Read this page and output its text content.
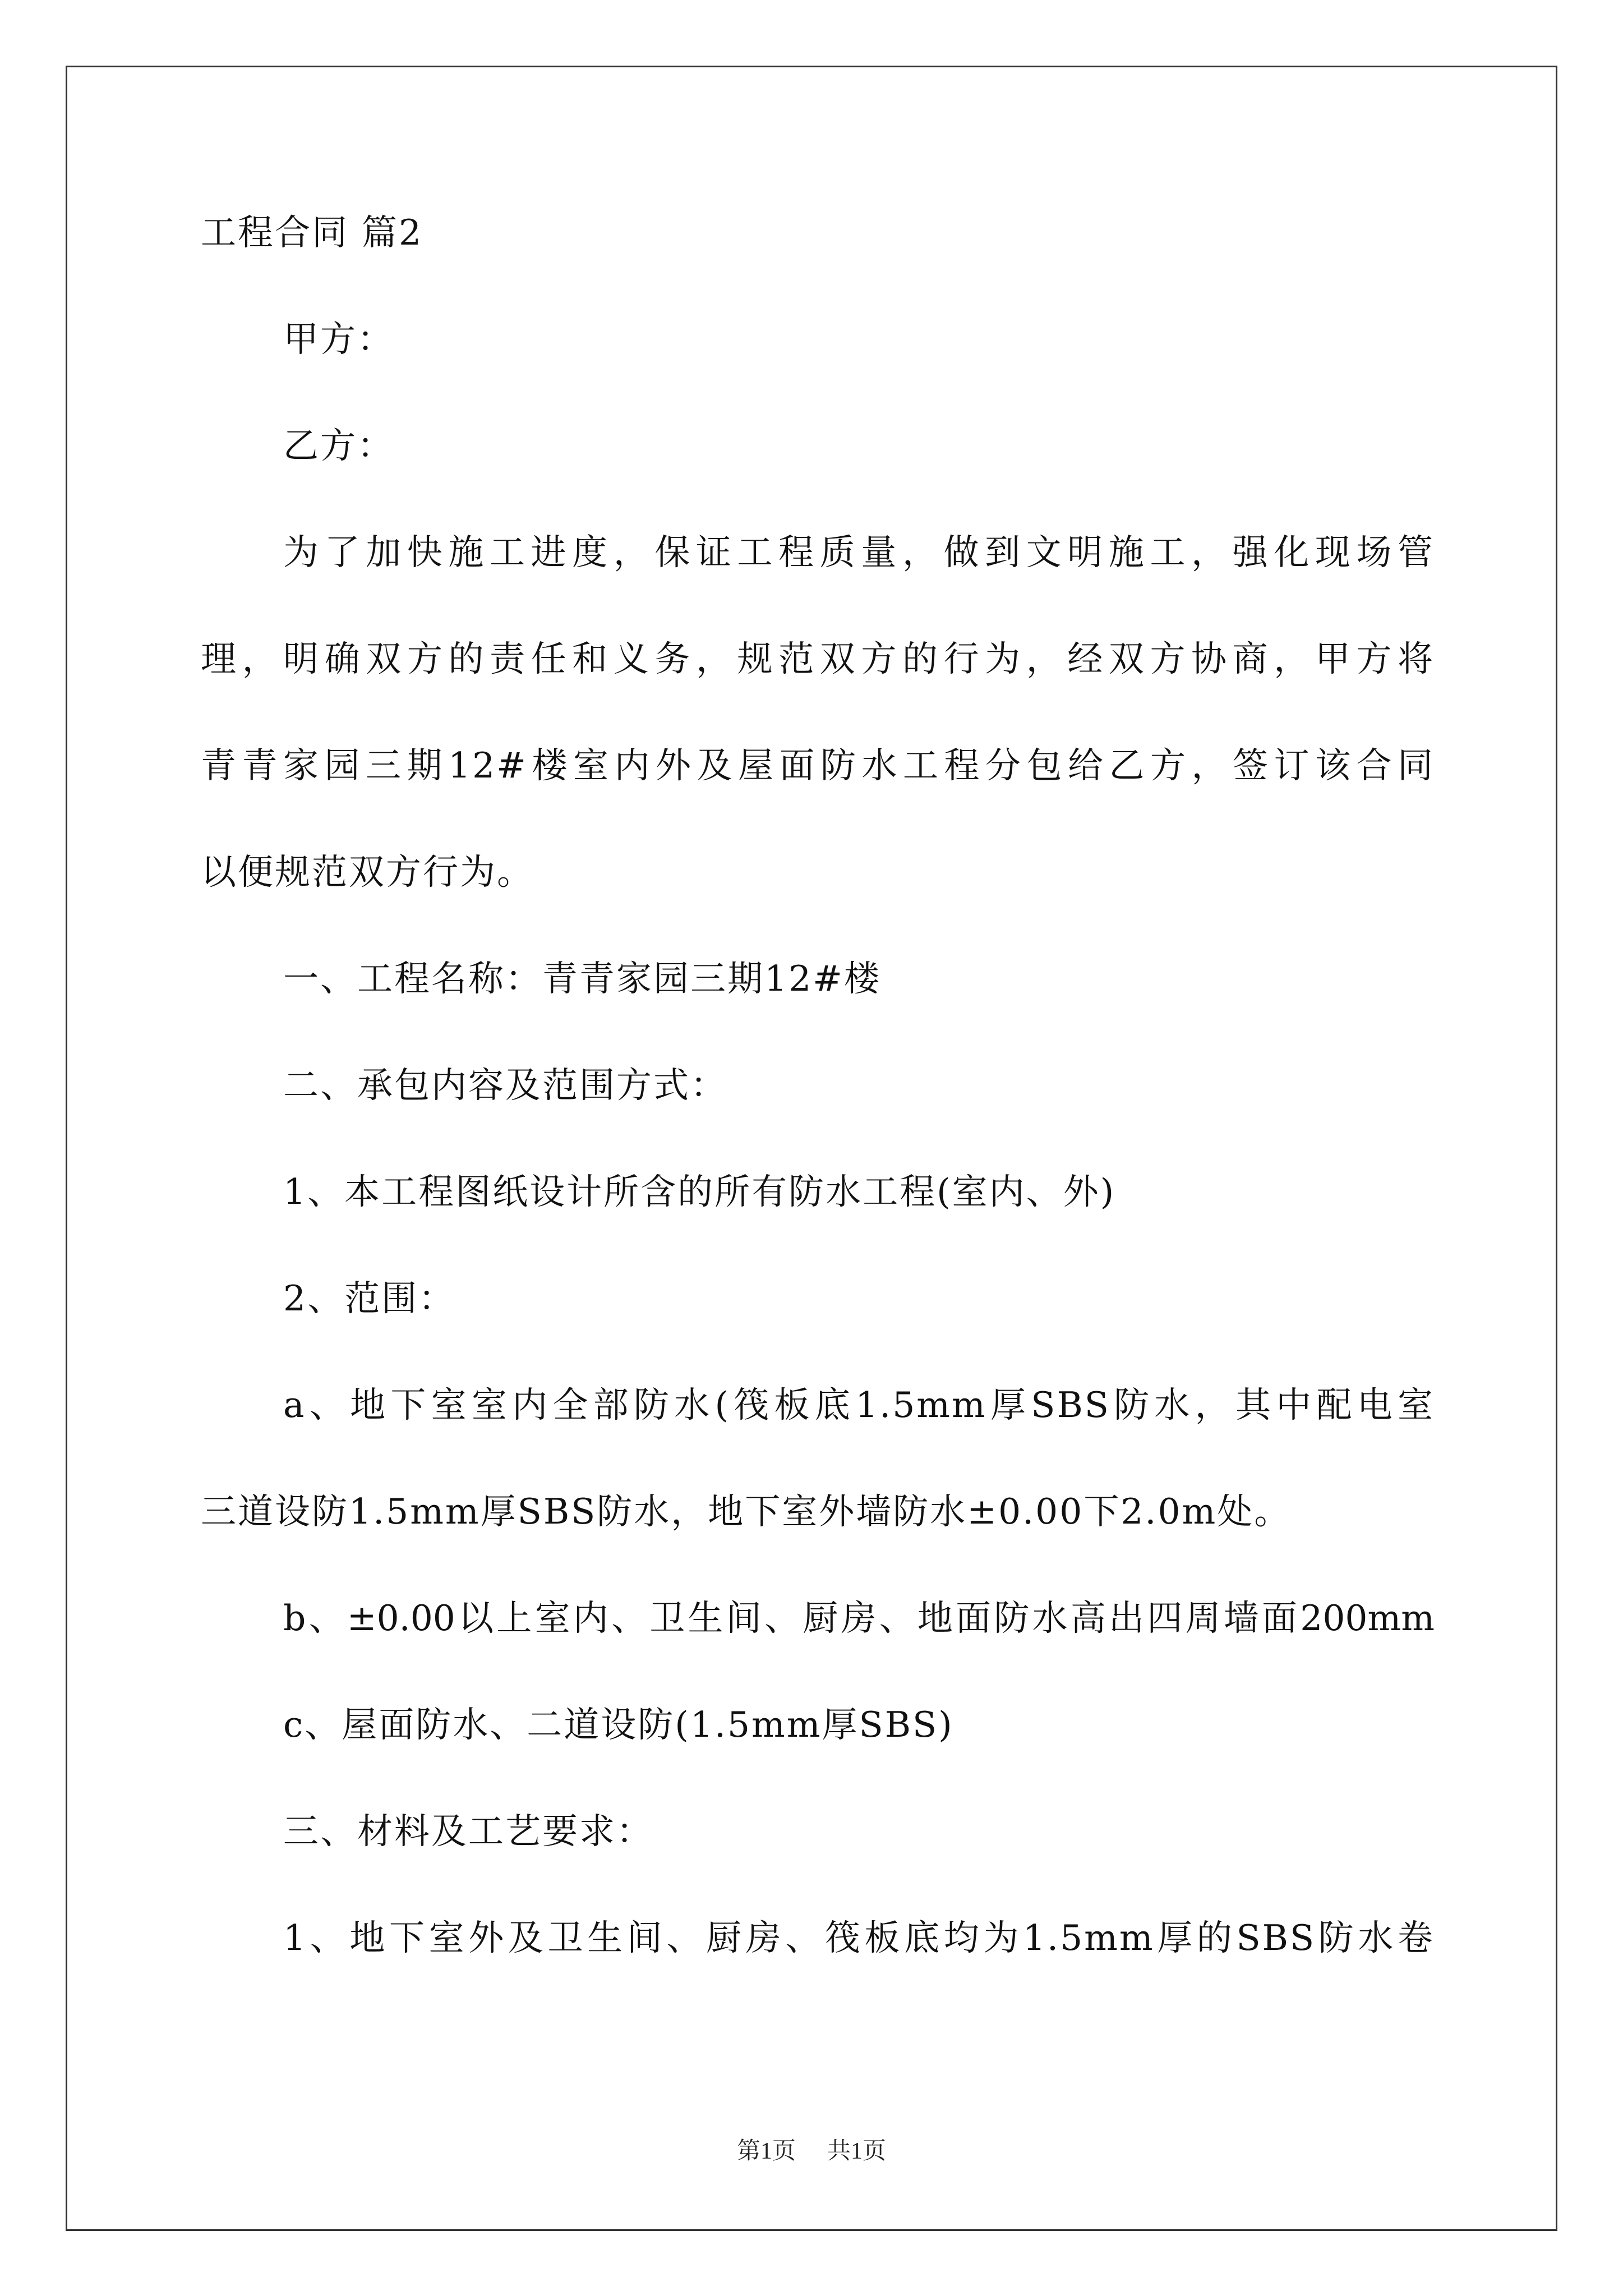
工程合同 篇2
甲方：
乙方：
为了加快施工进度，保证工程质量，做到文明施工，强化现场管
理，明确双方的责任和义务，规范双方的行为，经双方协商，甲方将
青青家园三期12#楼室内外及屋面防水工程分包给乙方，签订该合同
以便规范双方行为。
一、工程名称：青青家园三期12#楼
二、承包内容及范围方式：
1、本工程图纸设计所含的所有防水工程(室内、外)
2、范围：
a、地下室室内全部防水(筏板底1.5mm厚SBS防水，其中配电室
三道设防1.5mm厚SBS防水，地下室外墙防水±0.00下2.0m处。
b、±0.00以上室内、卫生间、厨房、地面防水高出四周墙面200mm
c、屋面防水、二道设防(1.5mm厚SBS)
三、材料及工艺要求：
1、地下室外及卫生间、厨房、筏板底均为1.5mm厚的SBS防水卷
第1页 共1页
